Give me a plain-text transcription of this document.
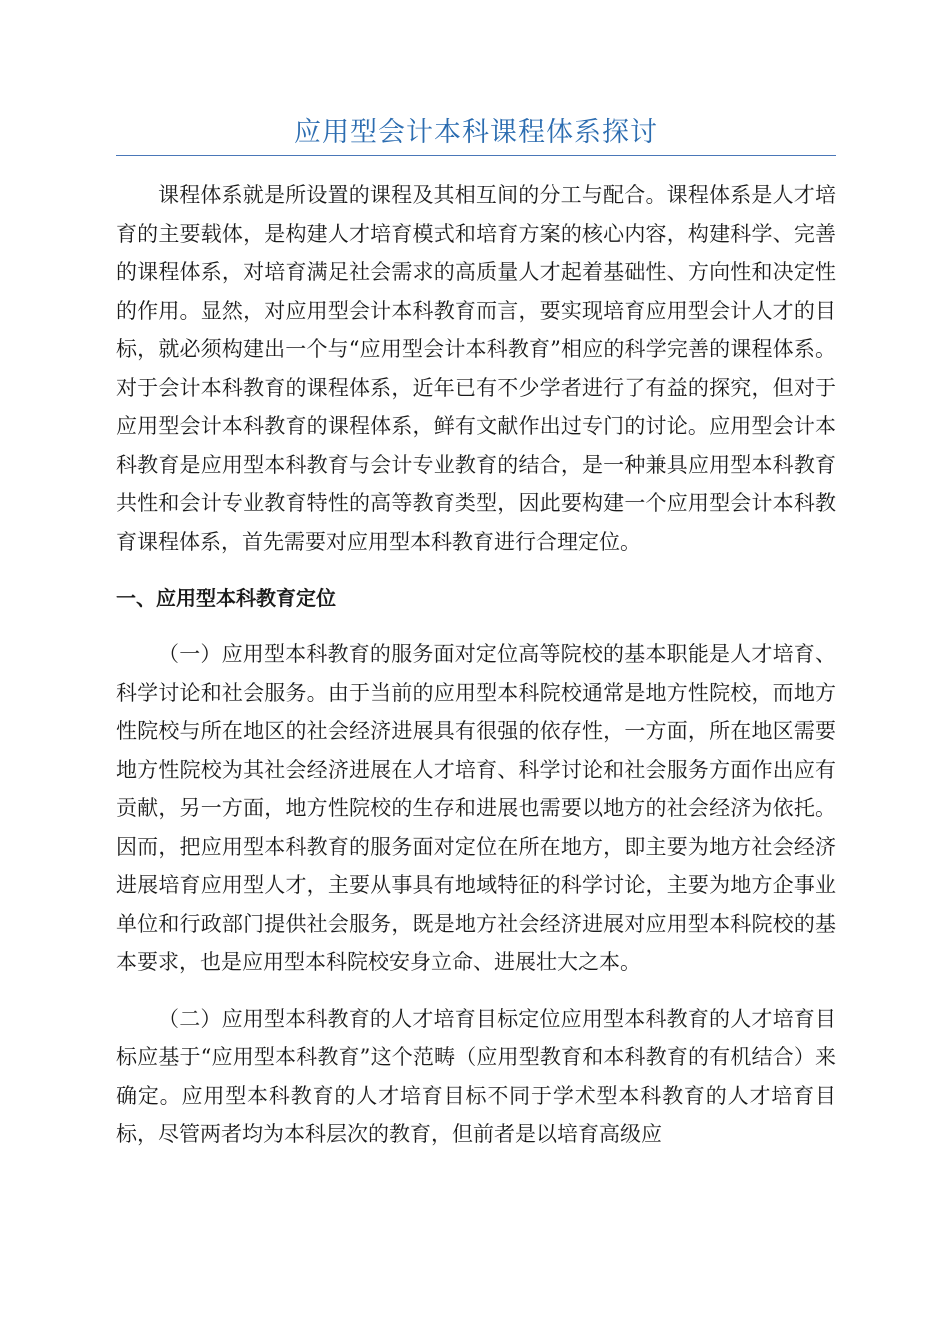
应用型会计本科课程体系探讨

课程体系就是所设置的课程及其相互间的分工与配合。课程体系是人才培育的主要载体，是构建人才培育模式和培育方案的核心内容，构建科学、完善的课程体系，对培育满足社会需求的高质量人才起着基础性、方向性和决定性的作用。显然，对应用型会计本科教育而言，要实现培育应用型会计人才的目标，就必须构建出一个与“应用型会计本科教育”相应的科学完善的课程体系。对于会计本科教育的课程体系，近年已有不少学者进行了有益的探究，但对于应用型会计本科教育的课程体系，鲜有文献作出过专门的讨论。应用型会计本科教育是应用型本科教育与会计专业教育的结合，是一种兼具应用型本科教育共性和会计专业教育特性的高等教育类型，因此要构建一个应用型会计本科教育课程体系，首先需要对应用型本科教育进行合理定位。

一、应用型本科教育定位

（一）应用型本科教育的服务面对定位高等院校的基本职能是人才培育、科学讨论和社会服务。由于当前的应用型本科院校通常是地方性院校，而地方性院校与所在地区的社会经济进展具有很强的依存性，一方面，所在地区需要地方性院校为其社会经济进展在人才培育、科学讨论和社会服务方面作出应有贡献，另一方面，地方性院校的生存和进展也需要以地方的社会经济为依托。因而，把应用型本科教育的服务面对定位在所在地方，即主要为地方社会经济进展培育应用型人才，主要从事具有地域特征的科学讨论，主要为地方企事业单位和行政部门提供社会服务，既是地方社会经济进展对应用型本科院校的基本要求，也是应用型本科院校安身立命、进展壮大之本。

（二）应用型本科教育的人才培育目标定位应用型本科教育的人才培育目标应基于“应用型本科教育”这个范畴（应用型教育和本科教育的有机结合）来确定。应用型本科教育的人才培育目标不同于学术型本科教育的人才培育目标，尽管两者均为本科层次的教育，但前者是以培育高级应
